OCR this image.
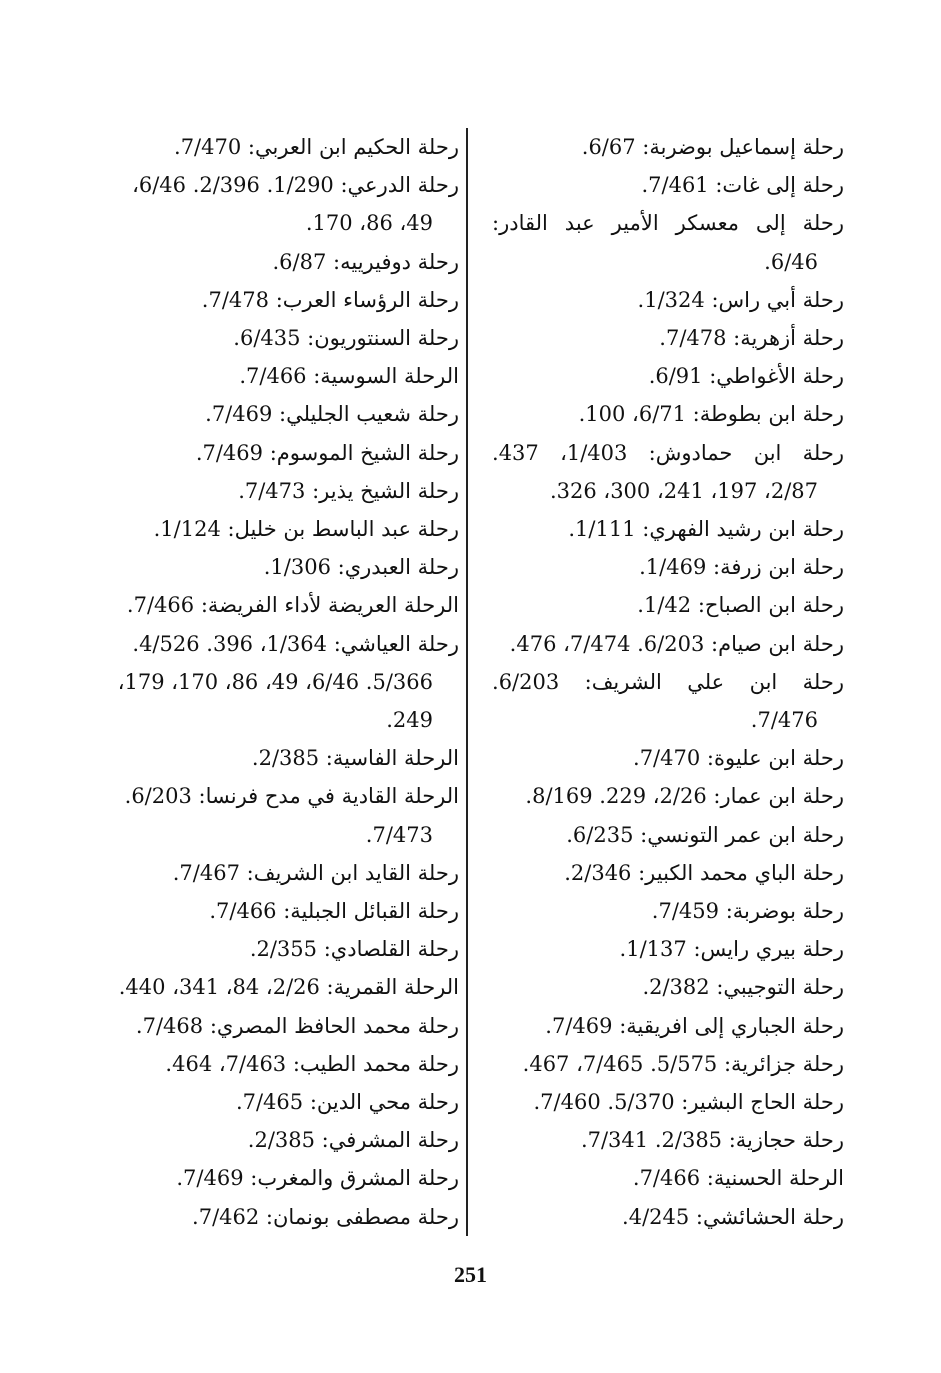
رحلة إسماعيل بوضربة: 6/67.
رحلة إلى غات: 7/461.
رحلة إلى معسكر الأمير عبد القادر:
6/46.
رحلة أبي راس: 1/324.
رحلة أزهرية: 7/478.
رحلة الأغواطي: 6/91.
رحلة ابن بطوطة: 6/71، 100.
رحلة ابن حمادوش: 1/403، 437.
2/87، 197، 241، 300، 326.
رحلة ابن رشيد الفهري: 1/111.
رحلة ابن زرفة: 1/469.
رحلة ابن الصباح: 1/42.
رحلة ابن صيام: 6/203. 7/474، 476.
رحلة ابن علي الشريف: 6/203.
7/476.
رحلة ابن عليوة: 7/470.
رحلة ابن عمار: 2/26، 229. 8/169.
رحلة ابن عمر التونسي: 6/235.
رحلة الباي محمد الكبير: 2/346.
رحلة بوضربة: 7/459.
رحلة بيري رايس: 1/137.
رحلة التوجيبي: 2/382.
رحلة الجباري إلى افريقية: 7/469.
رحلة جزائرية: 5/575. 7/465، 467.
رحلة الحاج البشير: 5/370. 7/460.
رحلة حجازية: 2/385. 7/341.
الرحلة الحسنية: 7/466.
رحلة الحشائشي: 4/245.
رحلة الحكيم ابن العربي: 7/470.
رحلة الدرعي: 1/290. 2/396. 6/46،
49، 86، 170.
رحلة دوفيرييه: 6/87.
رحلة الرؤساء العرب: 7/478.
رحلة السنتوريون: 6/435.
الرحلة السوسية: 7/466.
رحلة شعيب الجليلي: 7/469.
رحلة الشيخ الموسوم: 7/469.
رحلة الشيخ يذير: 7/473.
رحلة عبد الباسط بن خليل: 1/124.
رحلة العبدري: 1/306.
الرحلة العريضة لأداء الفريضة: 7/466.
رحلة العياشي: 1/364، 396. 4/526.
5/366. 6/46، 49، 86، 170، 179،
249.
الرحلة الفاسية: 2/385.
الرحلة القادية في مدح فرنسا: 6/203.
7/473.
رحلة القايد ابن الشريف: 7/467.
رحلة القبائل الجبلية: 7/466.
رحلة القلصادي: 2/355.
الرحلة القمرية: 2/26، 84، 341، 440.
رحلة محمد الحافظ المصري: 7/468.
رحلة محمد الطيب: 7/463، 464.
رحلة محي الدين: 7/465.
رحلة المشرفي: 2/385.
رحلة المشرق والمغرب: 7/469.
رحلة مصطفى بونمان: 7/462.
251
